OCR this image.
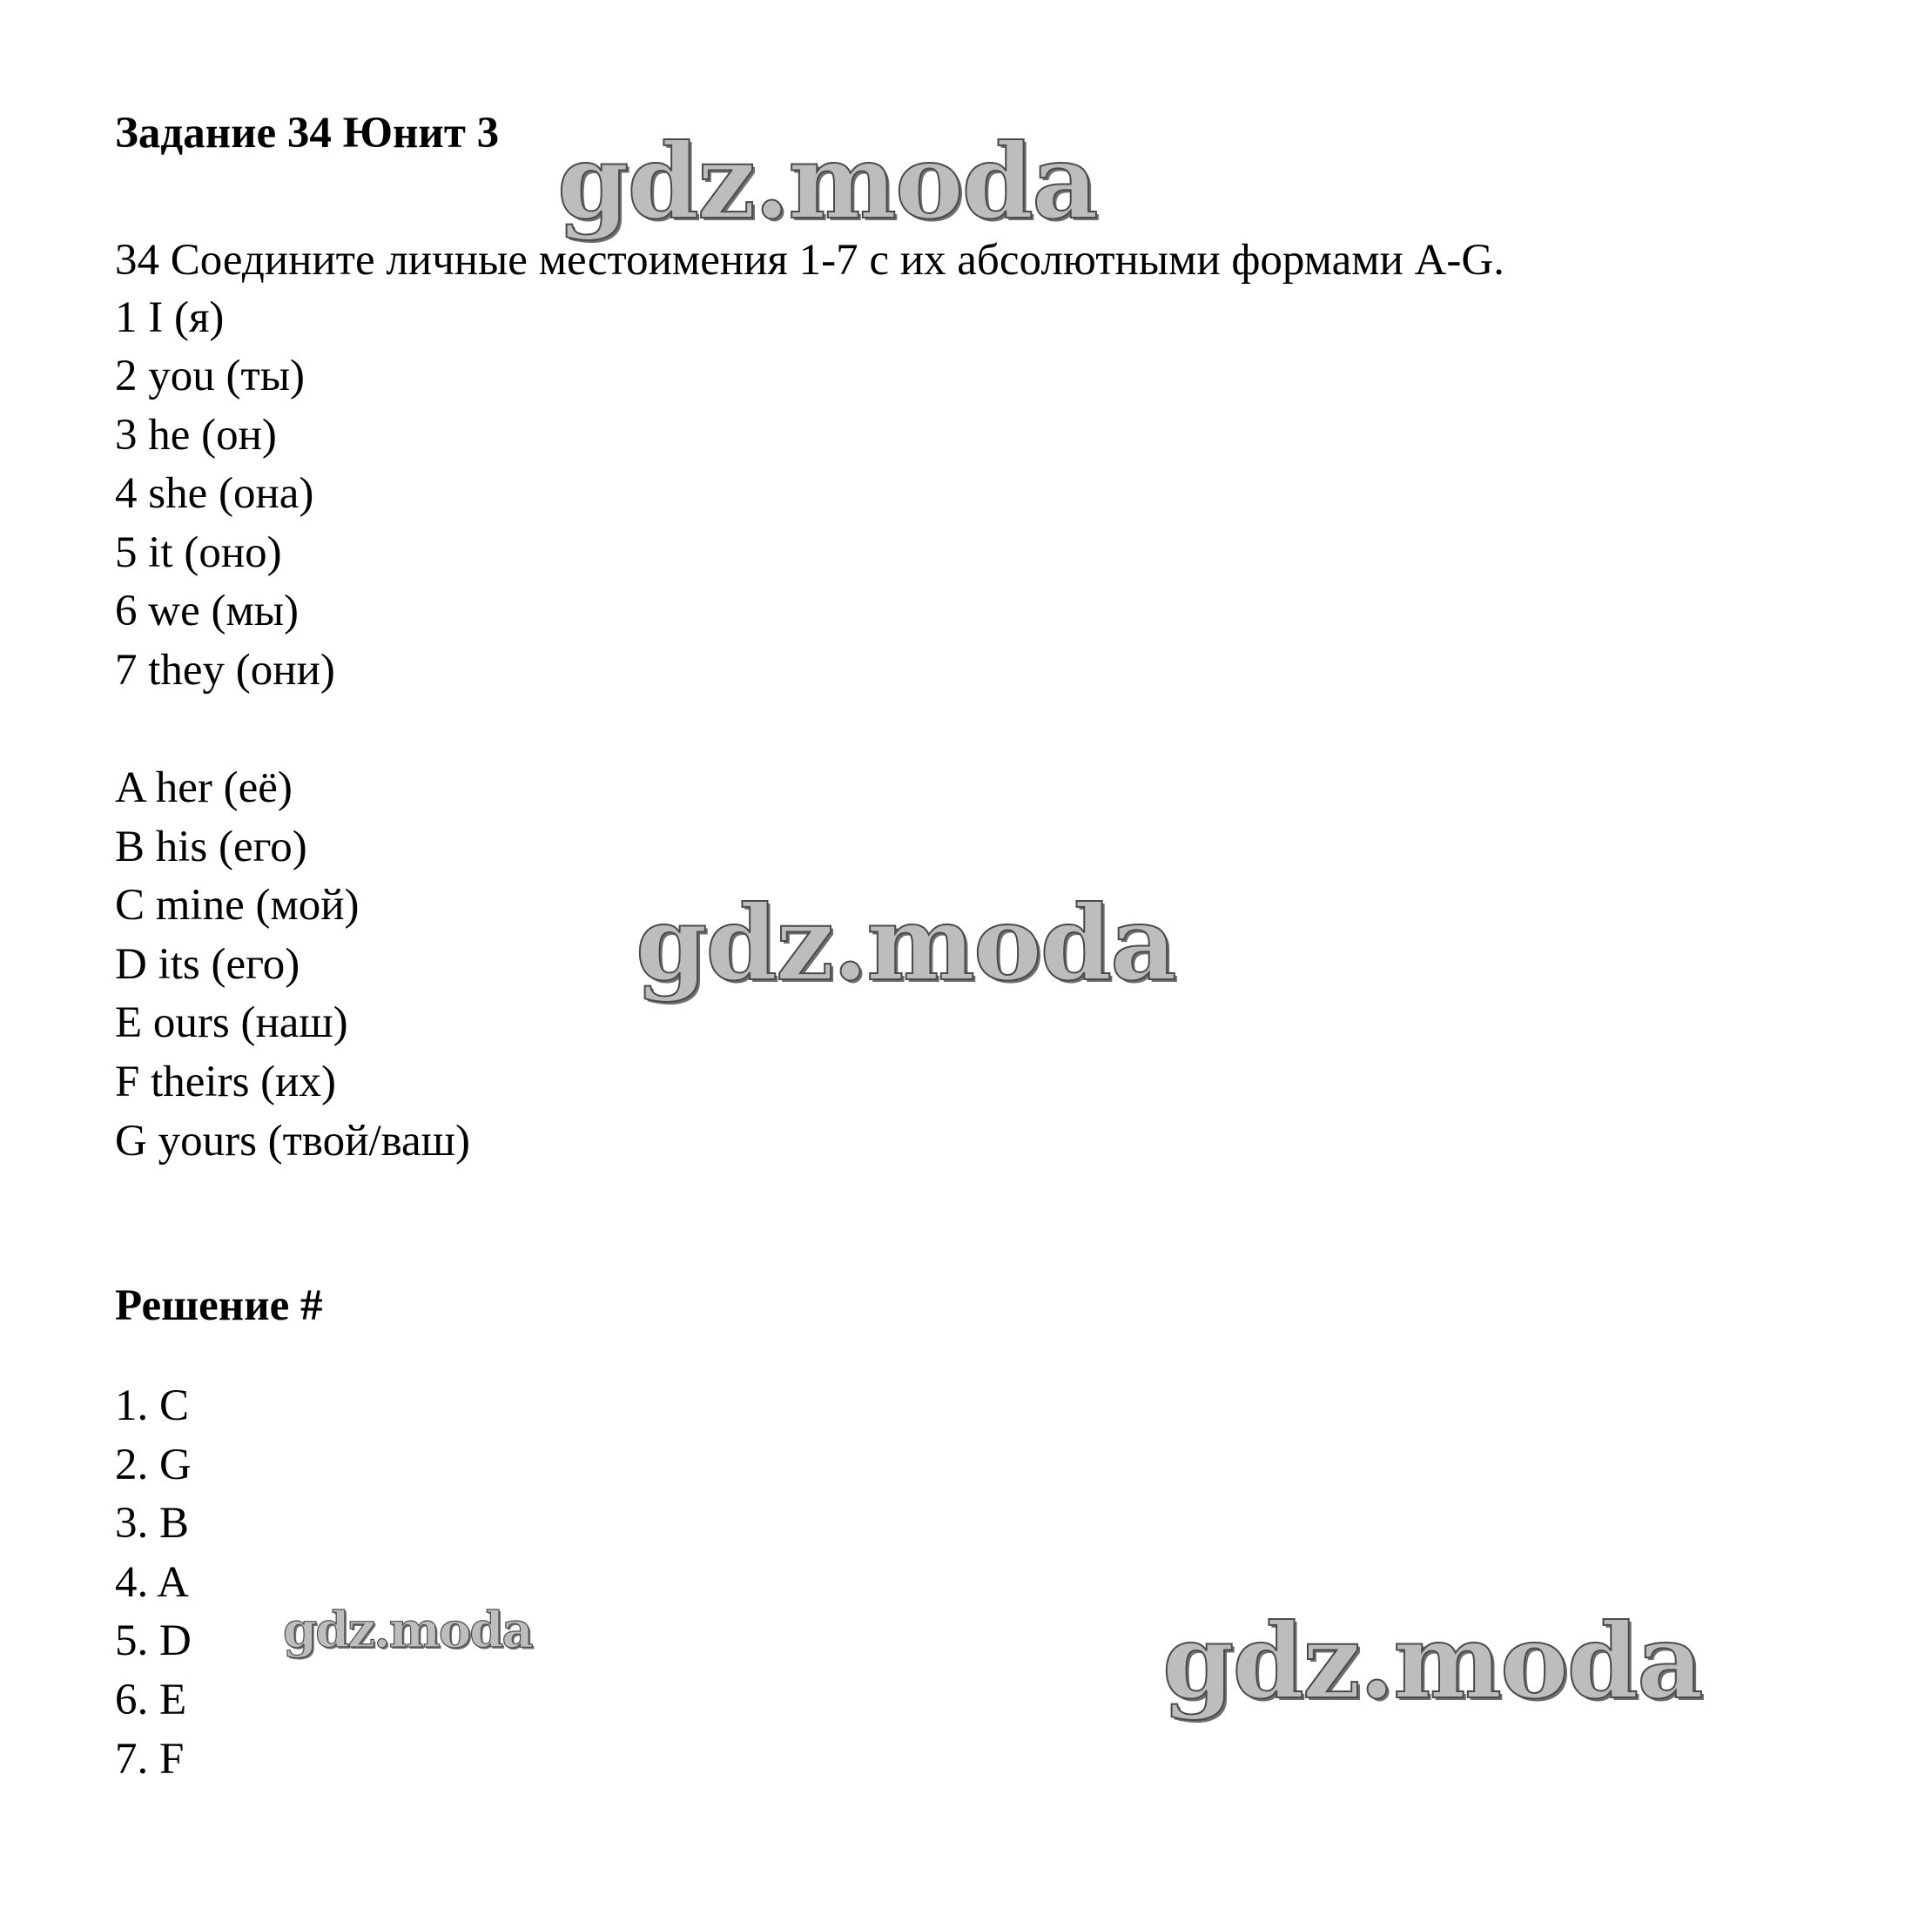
Задание 34 Юнит 3
34 Соедините личные местоимения 1-7 с их абсолютными формами A-G.
1 I (я)
2 you (ты)
3 he (он)
4 she (она)
5 it (оно)
6 we (мы)
7 they (они)
A her (её)
B his (его)
C mine (мой)
D its (его)
E ours (наш)
F theirs (их)
G yours (твой/ваш)
Решение #
1. C
2. G
3. B
4. A
5. D
6. E
7. F
gdz.moda
gdz.moda
gdz.moda	gdz.moda
